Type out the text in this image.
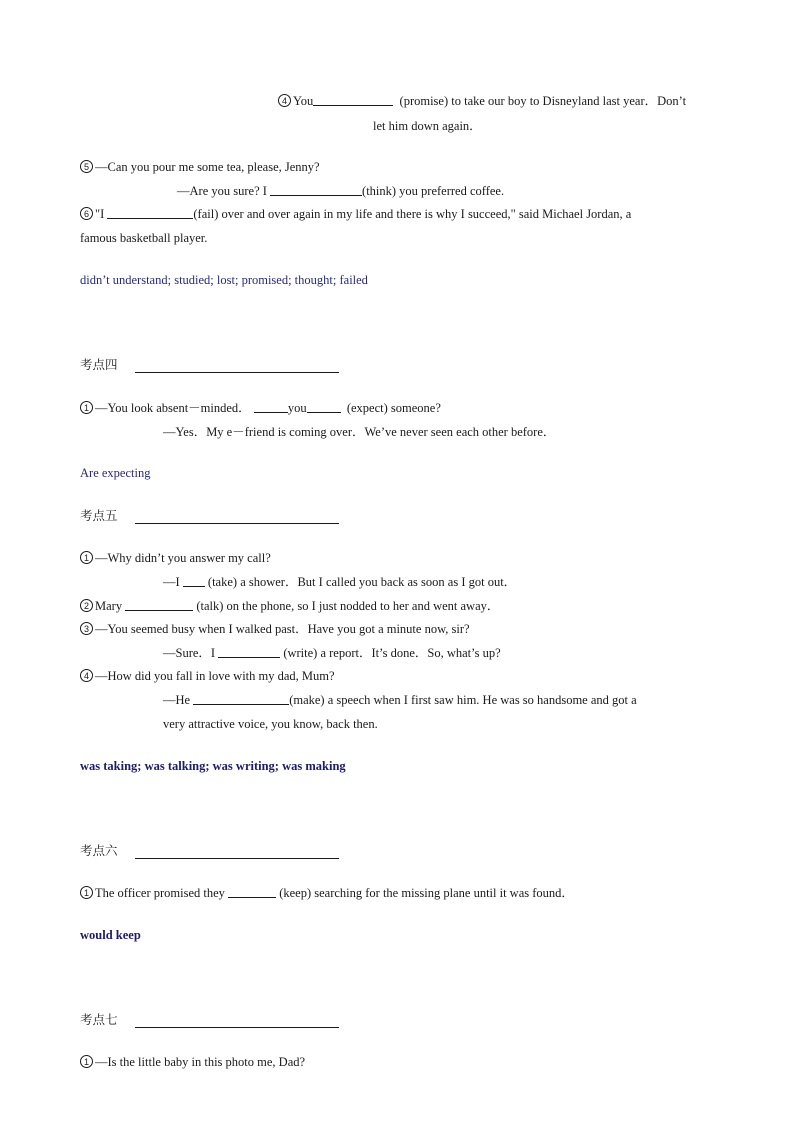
4 You	(promise) to take our boy to Disneyland last year．Don’t
let him down again．
5 —Can you pour me some tea, please, Jenny?
—Are you sure? I	(think) you preferred coffee.
6 "I	(fail) over and over again in my life and there is why I succeed," said Michael Jordan, a
famous basketball player.
didn’t understand; studied; lost; promised; thought; failed
考点四
1 —You look absent－minded．	you	(expect) someone?
—Yes．My e－friend is coming over．We’ve never seen each other before．
Are expecting
考点五
1 —Why didn’t you answer my call?
—I (take) a shower．But I called you back as soon as I got out．
2 Mary	(talk) on the phone, so I just nodded to her and went away．
3 —You seemed busy when I walked past．Have you got a minute now, sir?
—Sure．I	(write) a report．It’s done．So, what’s up?
4 —How did you fall in love with my dad, Mum?
—He	(make) a speech when I first saw him. He was so handsome and got a
very attractive voice, you know, back then.
was taking; was talking; was writing; was making
考点六
1 The officer promised they	(keep) searching for the missing plane until it was found．
would keep
考点七
1 —Is the little baby in this photo me, Dad?
